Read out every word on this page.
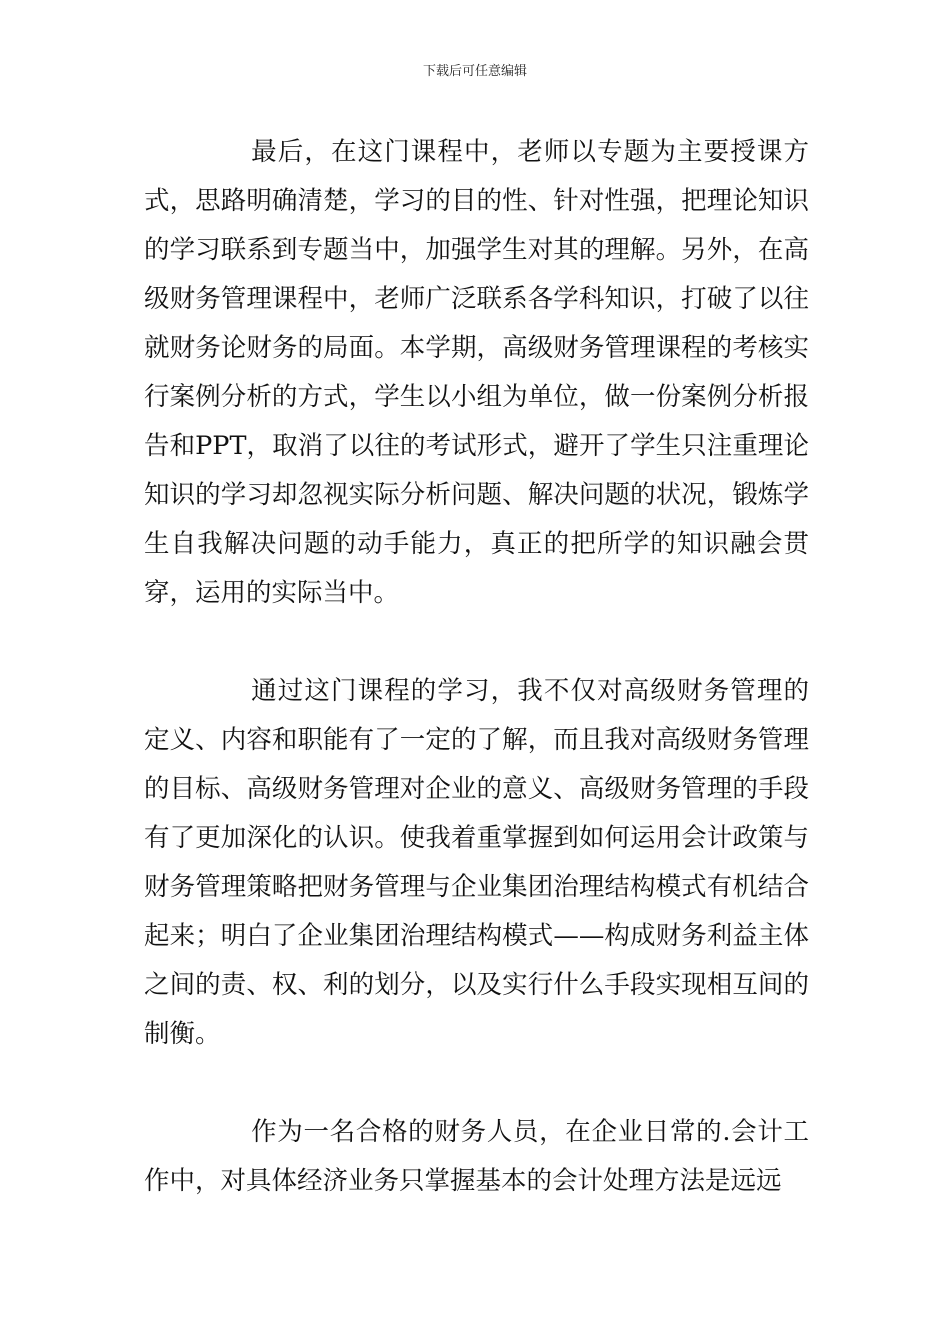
下载后可任意编辑

最后，在这门课程中，老师以专题为主要授课方式，思路明确清楚，学习的目的性、针对性强，把理论知识的学习联系到专题当中，加强学生对其的理解。另外，在高级财务管理课程中，老师广泛联系各学科知识，打破了以往就财务论财务的局面。本学期，高级财务管理课程的考核实行案例分析的方式，学生以小组为单位，做一份案例分析报告和PPT，取消了以往的考试形式，避开了学生只注重理论知识的学习却忽视实际分析问题、解决问题的状况，锻炼学生自我解决问题的动手能力，真正的把所学的知识融会贯穿，运用的实际当中。

通过这门课程的学习，我不仅对高级财务管理的定义、内容和职能有了一定的了解，而且我对高级财务管理的目标、高级财务管理对企业的意义、高级财务管理的手段有了更加深化的认识。使我着重掌握到如何运用会计政策与财务管理策略把财务管理与企业集团治理结构模式有机结合起来；明白了企业集团治理结构模式——构成财务利益主体之间的责、权、利的划分，以及实行什么手段实现相互间的制衡。

作为一名合格的财务人员，在企业日常的.会计工作中，对具体经济业务只掌握基本的会计处理方法是远远
